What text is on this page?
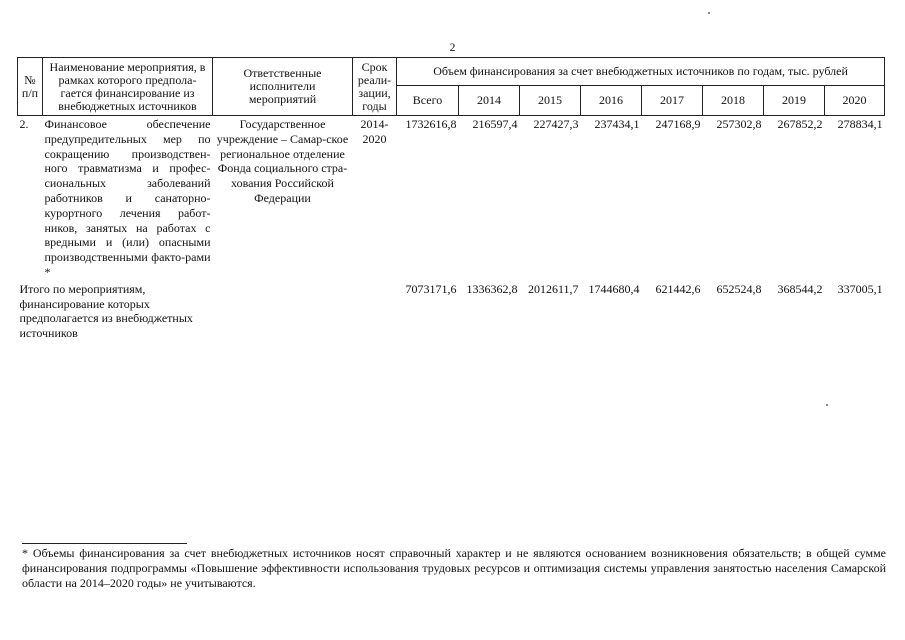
2
№ п/п	Наименование мероприятия, в рамках которого предпола-гается финансирование из внебюджетных источников	Ответственные исполнители мероприятий	Срок реали-зации, годы	Объем финансирования за счет внебюджетных источников по годам, тыс. рублей							
				Всего	2014	2015	2016	2017	2018	2019	2020
2.	Финансовое обеспечение предупредительных мер по сокращению производствен-ного травматизма и профес-сиональных заболеваний работников и санаторно-курортного лечения работ-ников, занятых на работах с вредными и (или) опасными производственными факто-рами *	Государственное учреждение – Самар-ское региональное отделение Фонда социального стра-хования Российской Федерации	2014-2020	1732616,8	216597,4	227427,3	237434,1	247168,9	257302,8	267852,2	278834,1
Итого по мероприятиям, финансирование которых предполагается из внебюджетных источников				7073171,6	1336362,8	2012611,7	1744680,4	621442,6	652524,8	368544,2	337005,1
* Объемы финансирования за счет внебюджетных источников носят справочный характер и не являются основанием возникновения обязательств; в общей сумме финансирования подпрограммы «Повышение эффективности использования трудовых ресурсов и оптимизация системы управления занятостью населения Самарской области на 2014–2020 годы» не учитываются.
